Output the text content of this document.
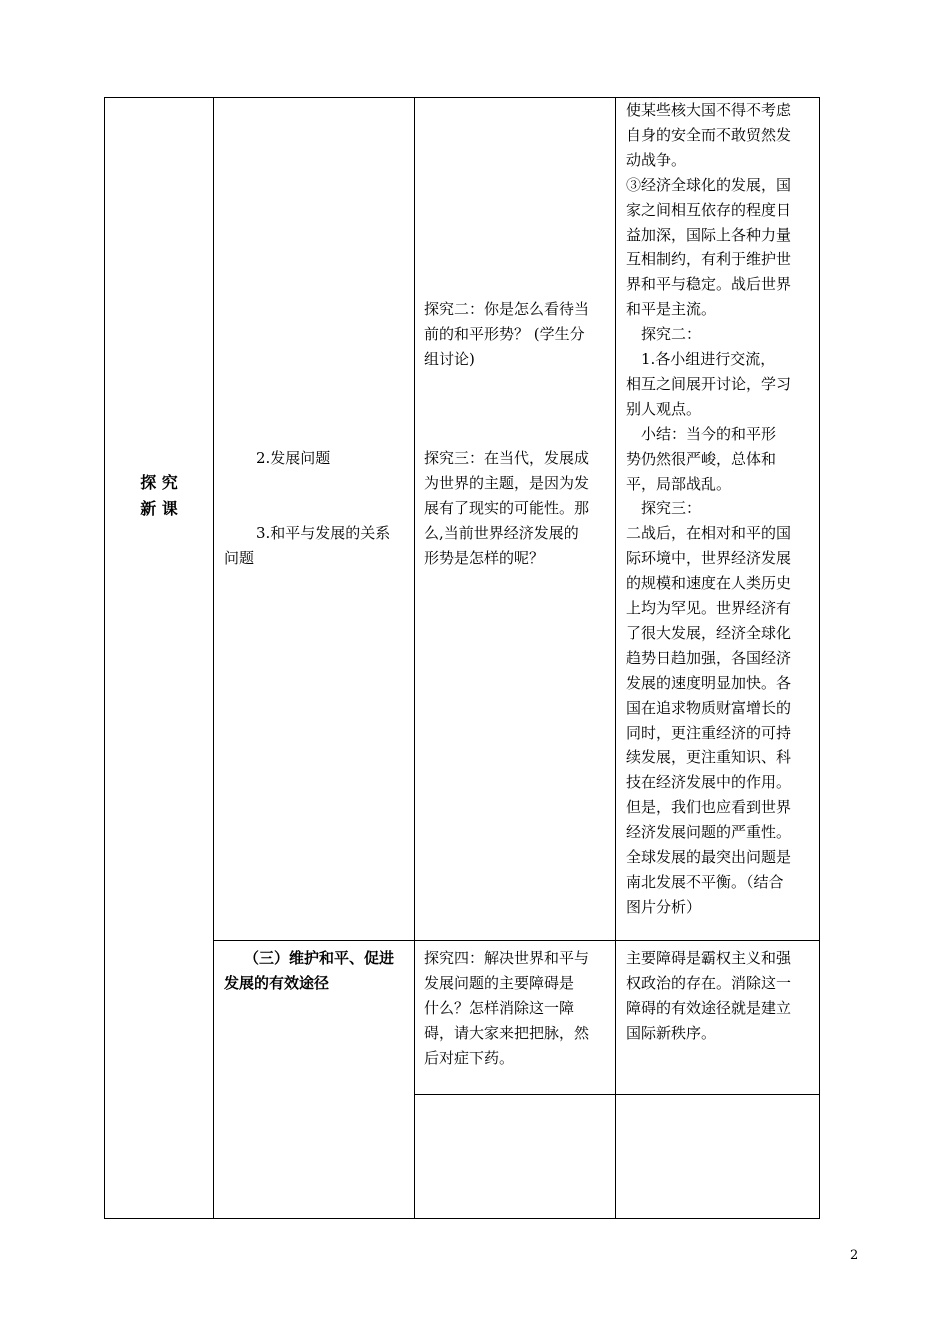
探 究
新 课
2.发展问题
3.和平与发展的关系
问题
（三）维护和平、促进
发展的有效途径
探究二：你是怎么看待当
前的和平形势？ (学生分
组讨论)
探究三：在当代，发展成
为世界的主题，是因为发
展有了现实的可能性。那
么,当前世界经济发展的
形势是怎样的呢？
探究四：解决世界和平与
发展问题的主要障碍是
什么？怎样消除这一障
碍，请大家来把把脉，然
后对症下药。
使某些核大国不得不考虑
自身的安全而不敢贸然发
动战争。
③经济全球化的发展，国
家之间相互依存的程度日
益加深，国际上各种力量
互相制约，有利于维护世
界和平与稳定。战后世界
和平是主流。
　探究二：
　1.各小组进行交流，
相互之间展开讨论，学习
别人观点。
　小结：当今的和平形
势仍然很严峻，总体和
平，局部战乱。
　探究三：
二战后，在相对和平的国
际环境中，世界经济发展
的规模和速度在人类历史
上均为罕见。世界经济有
了很大发展，经济全球化
趋势日趋加强，各国经济
发展的速度明显加快。各
国在追求物质财富增长的
同时，更注重经济的可持
续发展，更注重知识、科
技在经济发展中的作用。
但是，我们也应看到世界
经济发展问题的严重性。
全球发展的最突出问题是
南北发展不平衡。（结合
图片分析）
主要障碍是霸权主义和强
权政治的存在。消除这一
障碍的有效途径就是建立
国际新秩序。
2
